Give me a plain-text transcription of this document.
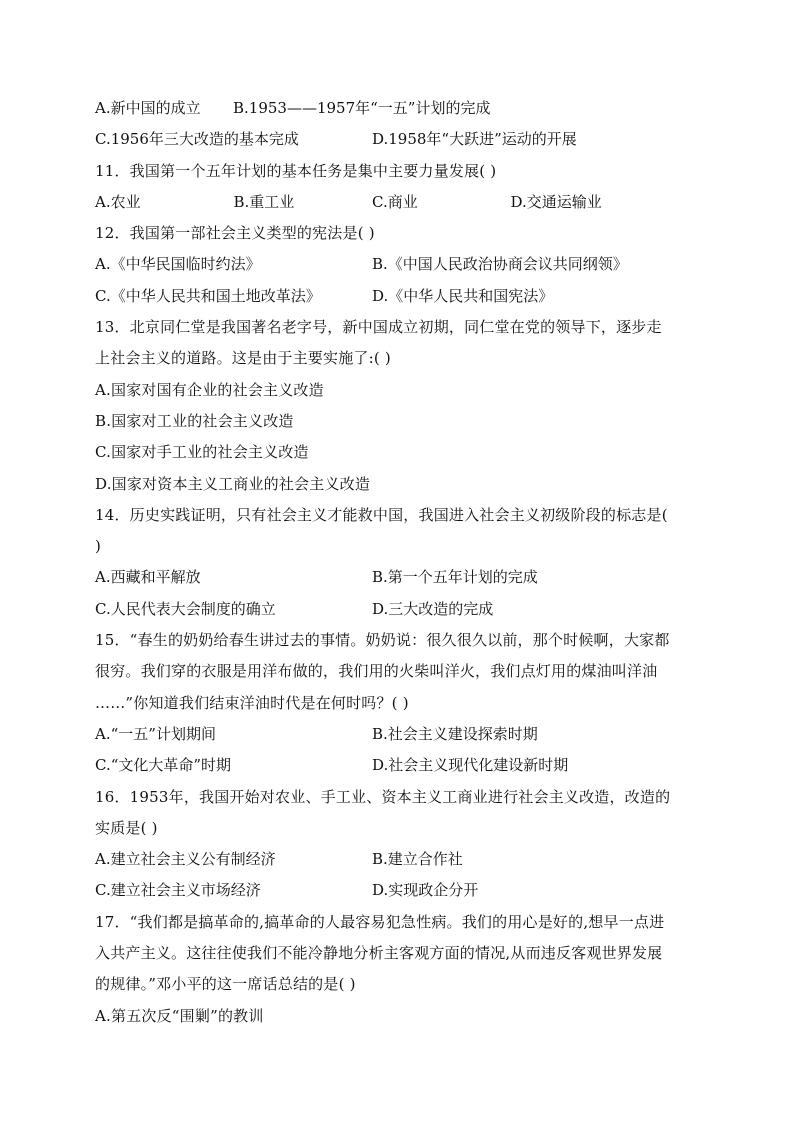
A.新中国的成立	B.1953——1957年“一五”计划的完成
C.1956年三大改造的基本完成	D.1958年“大跃进”运动的开展
11．我国第一个五年计划的基本任务是集中主要力量发展( )
A.农业	B.重工业	C.商业	D.交通运输业
12．我国第一部社会主义类型的宪法是( )
A.《中华民国临时约法》	B.《中国人民政治协商会议共同纲领》
C.《中华人民共和国土地改革法》	D.《中华人民共和国宪法》
13．北京同仁堂是我国著名老字号，新中国成立初期，同仁堂在党的领导下，逐步走
上社会主义的道路。这是由于主要实施了:( )
A.国家对国有企业的社会主义改造
B.国家对工业的社会主义改造
C.国家对手工业的社会主义改造
D.国家对资本主义工商业的社会主义改造
14．历史实践证明，只有社会主义才能救中国，我国进入社会主义初级阶段的标志是(
)
A.西藏和平解放	B.第一个五年计划的完成
C.人民代表大会制度的确立	D.三大改造的完成
15．“春生的奶奶给春生讲过去的事情。奶奶说：很久很久以前，那个时候啊，大家都
很穷。我们穿的衣服是用洋布做的，我们用的火柴叫洋火，我们点灯用的煤油叫洋油
……”你知道我们结束洋油时代是在何时吗？( )
A.“一五”计划期间	B.社会主义建设探索时期
C.“文化大革命”时期	D.社会主义现代化建设新时期
16．1953年，我国开始对农业、手工业、资本主义工商业进行社会主义改造，改造的
实质是( )
A.建立社会主义公有制经济	B.建立合作社
C.建立社会主义市场经济	D.实现政企分开
17．“我们都是搞革命的,搞革命的人最容易犯急性病。我们的用心是好的,想早一点进
入共产主义。这往往使我们不能冷静地分析主客观方面的情况,从而违反客观世界发展
的规律。”邓小平的这一席话总结的是( )
A.第五次反“围剿”的教训
